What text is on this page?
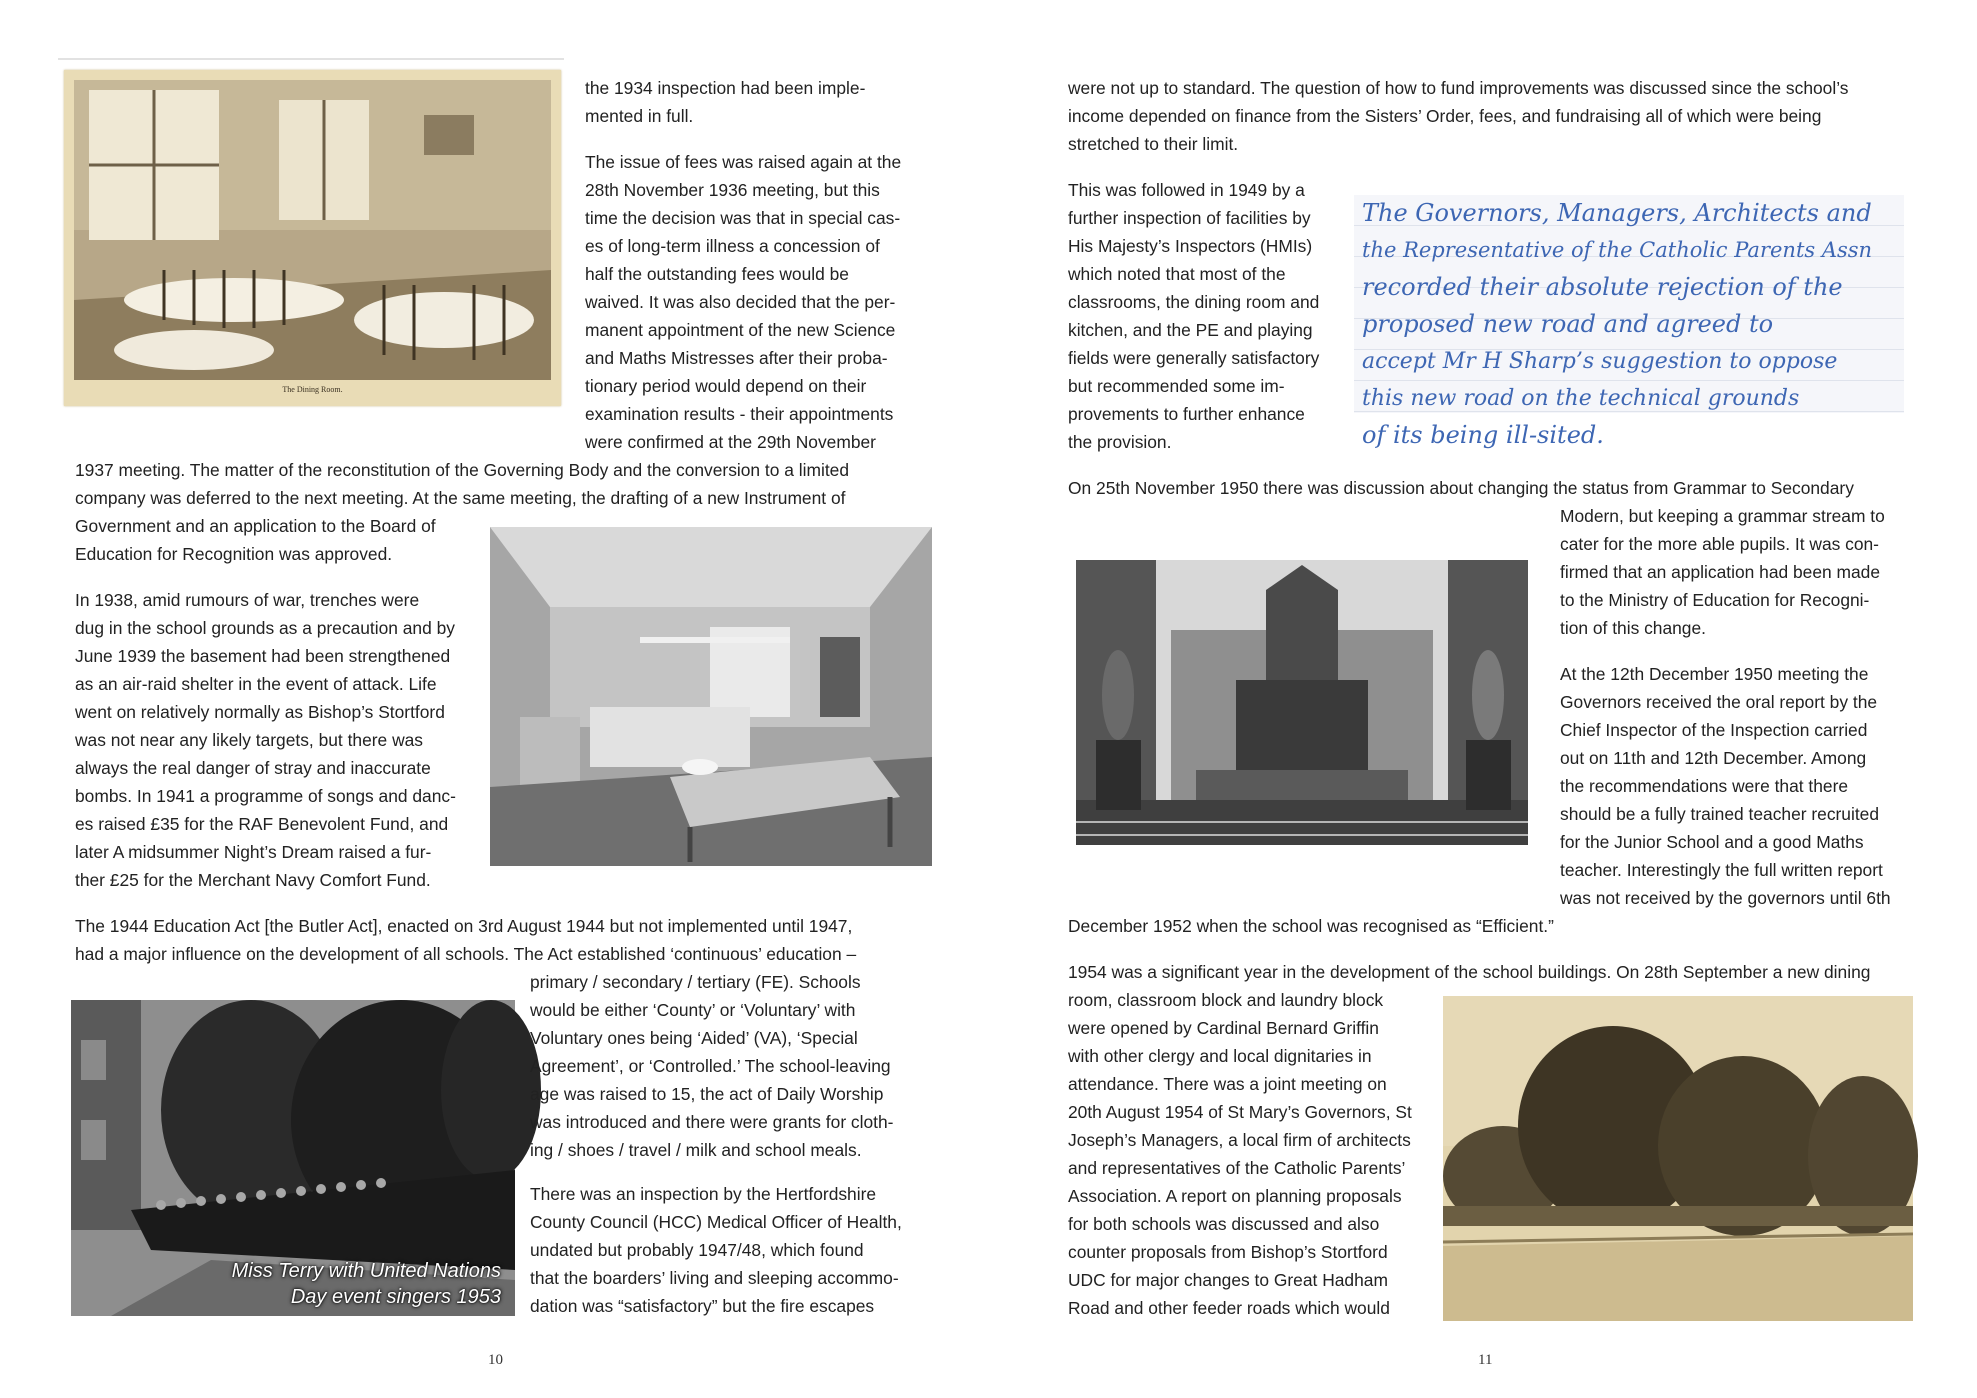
The Dining Room.
the 1934 inspection had been imple-
mented in full.
The issue of fees was raised again at the
28th November 1936 meeting, but this
time the decision was that in special cas-
es of long-term illness a concession of
half the outstanding fees would be
waived. It was also decided that the per-
manent appointment of the new Science
and Maths Mistresses after their proba-
tionary period would depend on their
examination results - their appointments
were confirmed at the 29th November
1937 meeting. The matter of the reconstitution of the Governing Body and the conversion to a limited
company was deferred to the next meeting. At the same meeting, the drafting of a new Instrument of
Government and an application to the Board of
Education for Recognition was approved.
In 1938, amid rumours of war, trenches were
dug in the school grounds as a precaution and by
June 1939 the basement had been strengthened
as an air-raid shelter in the event of attack. Life
went on relatively normally as Bishop’s Stortford
was not near any likely targets, but there was
always the real danger of stray and inaccurate
bombs. In 1941 a programme of songs and danc-
es raised £35 for the RAF Benevolent Fund, and
later A midsummer Night’s Dream raised a fur-
ther £25 for the Merchant Navy Comfort Fund.
The 1944 Education Act [the Butler Act], enacted on 3rd August 1944 but not implemented until 1947,
had a major influence on the development of all schools. The Act established ‘continuous’ education –
Miss Terry with United Nations
Day event singers 1953
primary / secondary / tertiary (FE). Schools
would be either ‘County’ or ‘Voluntary’ with
Voluntary ones being ‘Aided’ (VA), ‘Special
Agreement’, or ‘Controlled.’ The school-leaving
age was raised to 15, the act of Daily Worship
was introduced and there were grants for cloth-
ing / shoes / travel / milk and school meals.
There was an inspection by the Hertfordshire
County Council (HCC) Medical Officer of Health,
undated but probably 1947/48, which found
that the boarders’ living and sleeping accommo-
dation was “satisfactory” but the fire escapes
10
were not up to standard. The question of how to fund improvements was discussed since the school’s
income depended on finance from the Sisters’ Order, fees, and fundraising all of which were being
stretched to their limit.
This was followed in 1949 by a
further inspection of facilities by
His Majesty’s Inspectors (HMIs)
which noted that most of the
classrooms, the dining room and
kitchen, and the PE and playing
fields were generally satisfactory
but recommended some im-
provements to further enhance
the provision.
The Governors, Managers, Architects and
the Representative of the Catholic Parents Assn
recorded their absolute rejection of the
proposed new road and agreed to
accept Mr H Sharp’s suggestion to oppose
this new road on the technical grounds
of its being ill-sited.
On 25th November 1950 there was discussion about changing the status from Grammar to Secondary
Modern, but keeping a grammar stream to
cater for the more able pupils. It was con-
firmed that an application had been made
to the Ministry of Education for Recogni-
tion of this change.
At the 12th December 1950 meeting the
Governors received the oral report by the
Chief Inspector of the Inspection carried
out on 11th and 12th December. Among
the recommendations were that there
should be a fully trained teacher recruited
for the Junior School and a good Maths
teacher. Interestingly the full written report
was not received by the governors until 6th
December 1952 when the school was recognised as “Efficient.”
1954 was a significant year in the development of the school buildings. On 28th September a new dining
room, classroom block and laundry block
were opened by Cardinal Bernard Griffin
with other clergy and local dignitaries in
attendance. There was a joint meeting on
20th August 1954 of St Mary’s Governors, St
Joseph’s Managers, a local firm of architects
and representatives of the Catholic Parents’
Association. A report on planning proposals
for both schools was discussed and also
counter proposals from Bishop’s Stortford
UDC for major changes to Great Hadham
Road and other feeder roads which would
11
